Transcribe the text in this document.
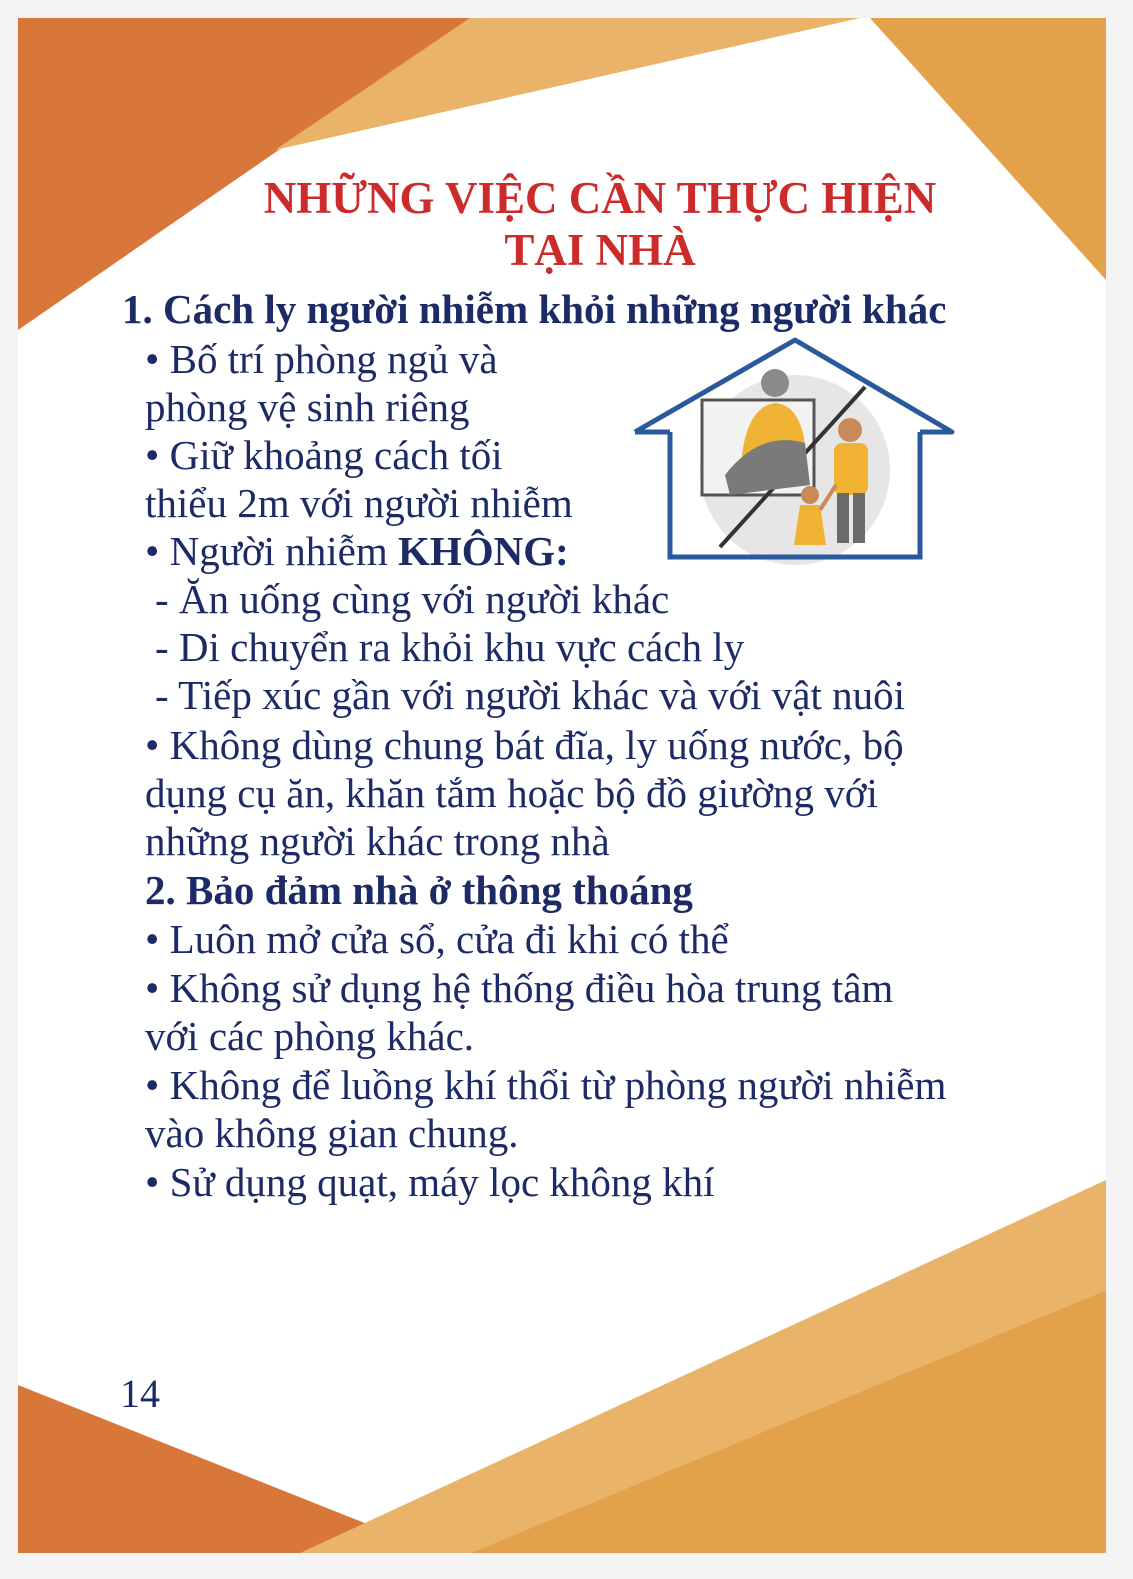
NHỮNG VIỆC CẦN THỰC HIỆN
TẠI NHÀ
1. Cách ly người nhiễm khỏi những người khác
• Bố trí phòng ngủ và
phòng vệ sinh riêng
• Giữ khoảng cách tối
thiểu 2m với người nhiễm
• Người nhiễm KHÔNG:
- Ăn uống cùng với người khác
- Di chuyển ra khỏi khu vực cách ly
- Tiếp xúc gần với người khác và với vật nuôi
• Không dùng chung bát đĩa, ly uống nước, bộ
dụng cụ ăn, khăn tắm hoặc bộ đồ giường với
những người khác trong nhà
2. Bảo đảm nhà ở thông thoáng
• Luôn mở cửa sổ, cửa đi khi có thể
• Không sử dụng hệ thống điều hòa trung tâm
với các phòng khác.
• Không để luồng khí thổi từ phòng người nhiễm
vào không gian chung.
• Sử dụng quạt, máy lọc không khí
14
